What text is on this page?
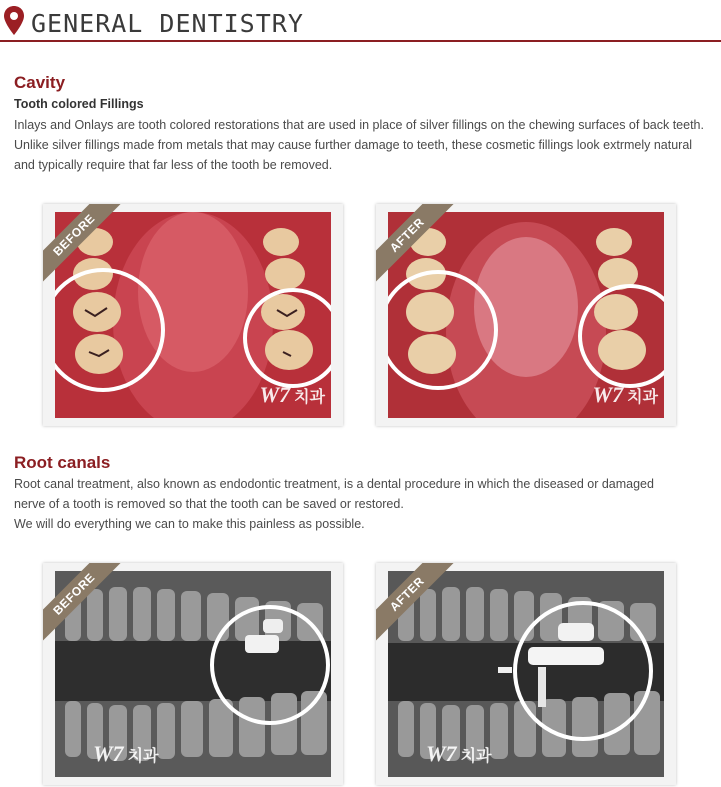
GENERAL DENTISTRY
Cavity
Tooth colored Fillings

Inlays and Onlays are tooth colored restorations that are used in place of silver fillings on the chewing surfaces of back teeth.

Unlike silver fillings made from metals that may cause further damage to teeth, these cosmetic fillings look extrmely natural

and typically require that far less of the tooth be removed.

BEFORE
W7 치과
AFTER
W7 치과
Root canals

Root canal treatment, also known as endodontic treatment, is a dental procedure in which the diseased or damaged

nerve of a tooth is removed so that the tooth can be saved or restored.

We will do everything we can to make this painless as possible.

BEFORE
W7 치과
AFTER
W7 치과
